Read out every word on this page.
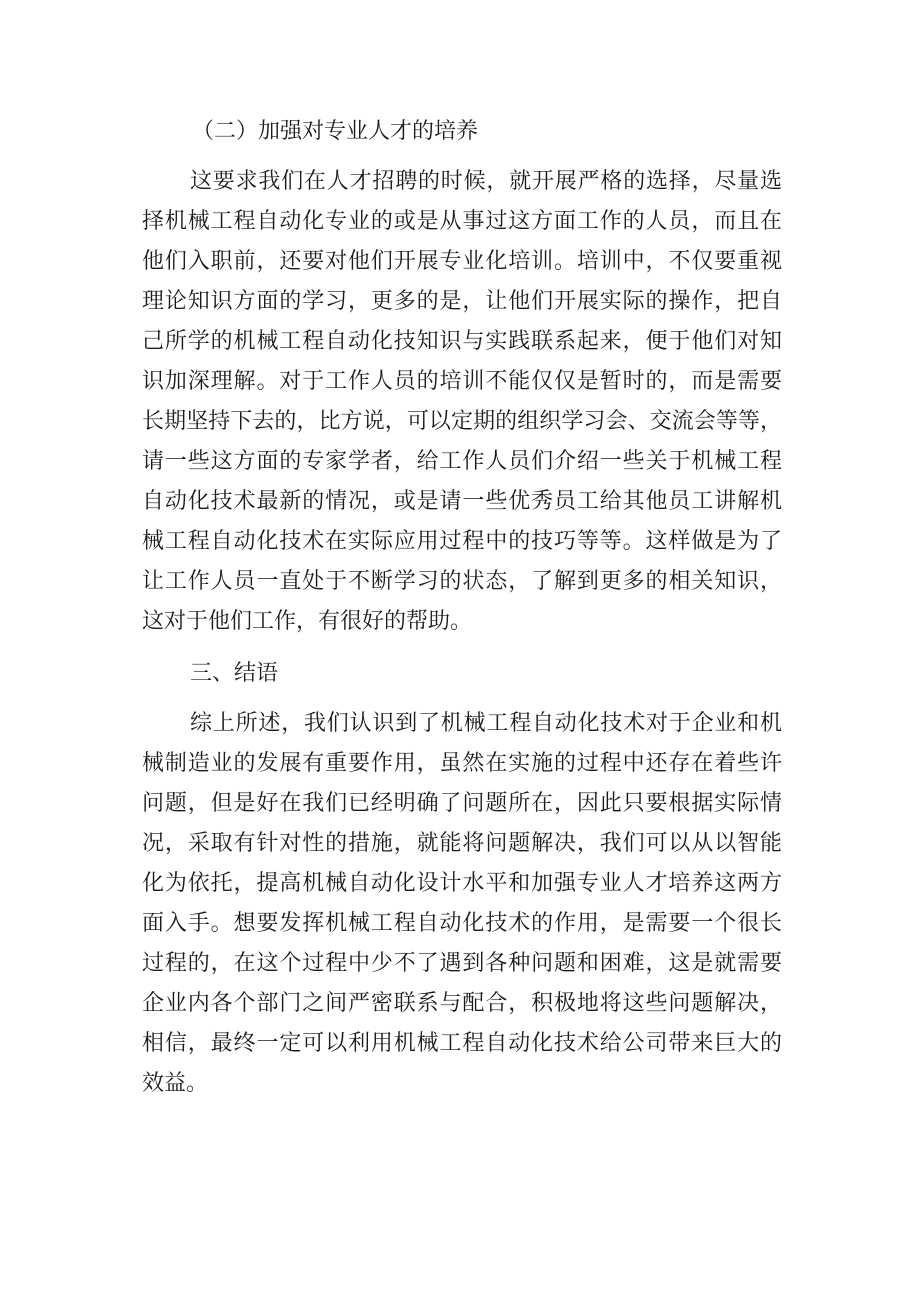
（二）加强对专业人才的培养
这要求我们在人才招聘的时候，就开展严格的选择，尽量选
择机械工程自动化专业的或是从事过这方面工作的人员，而且在
他们入职前，还要对他们开展专业化培训。培训中，不仅要重视
理论知识方面的学习，更多的是，让他们开展实际的操作，把自
己所学的机械工程自动化技知识与实践联系起来，便于他们对知
识加深理解。对于工作人员的培训不能仅仅是暂时的，而是需要
长期坚持下去的，比方说，可以定期的组织学习会、交流会等等，
请一些这方面的专家学者，给工作人员们介绍一些关于机械工程
自动化技术最新的情况，或是请一些优秀员工给其他员工讲解机
械工程自动化技术在实际应用过程中的技巧等等。这样做是为了
让工作人员一直处于不断学习的状态，了解到更多的相关知识，
这对于他们工作，有很好的帮助。
三、结语
综上所述，我们认识到了机械工程自动化技术对于企业和机
械制造业的发展有重要作用，虽然在实施的过程中还存在着些许
问题，但是好在我们已经明确了问题所在，因此只要根据实际情
况，采取有针对性的措施，就能将问题解决，我们可以从以智能
化为依托，提高机械自动化设计水平和加强专业人才培养这两方
面入手。想要发挥机械工程自动化技术的作用，是需要一个很长
过程的，在这个过程中少不了遇到各种问题和困难，这是就需要
企业内各个部门之间严密联系与配合，积极地将这些问题解决，
相信，最终一定可以利用机械工程自动化技术给公司带来巨大的
效益。
